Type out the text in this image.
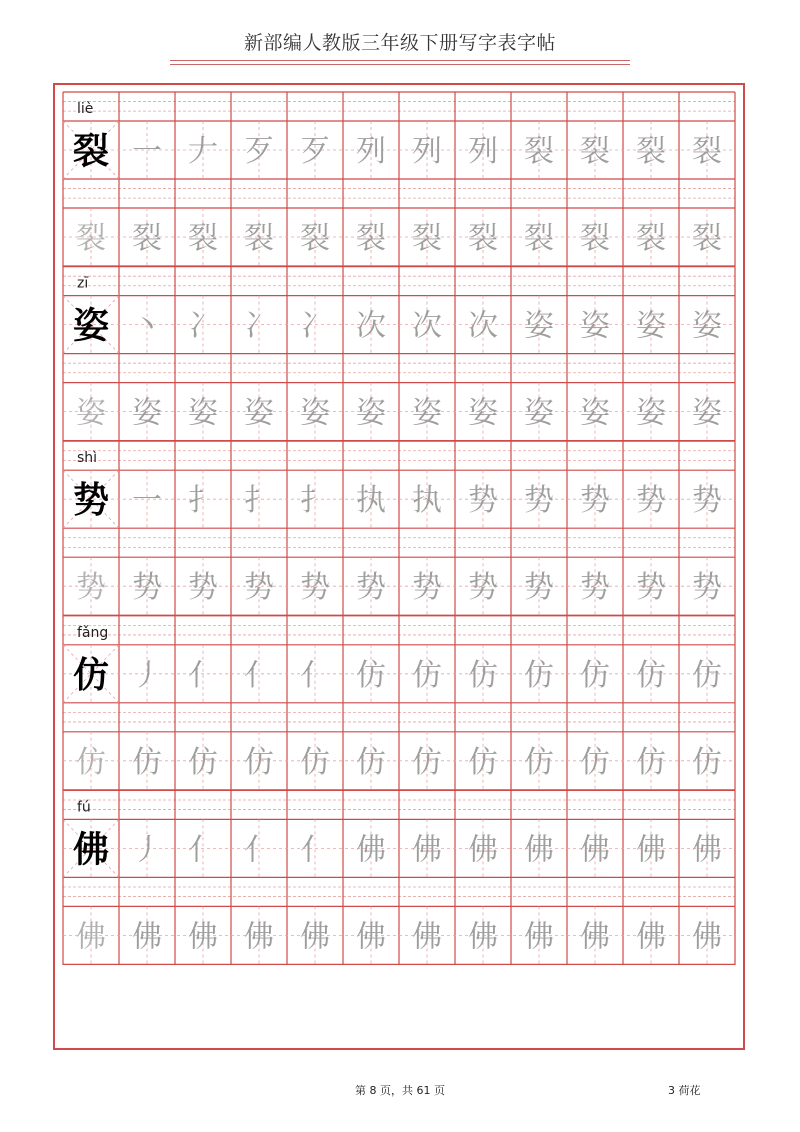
新部编人教版三年级下册写字表字帖
liè
裂 一 𠂇 歹 歹 列 列 列 裂 裂 裂 裂
裂 裂 裂 裂 裂 裂 裂 裂 裂 裂 裂 裂
zī
姿 丶 冫 冫 冫 次 次 次 姿 姿 姿 姿
姿 姿 姿 姿 姿 姿 姿 姿 姿 姿 姿 姿
shì
势 一 扌 扌 扌 执 执 势 势 势 势 势
势 势 势 势 势 势 势 势 势 势 势 势
fǎng
仿 丿 亻 亻 亻 仿 仿 仿 仿 仿 仿 仿
仿 仿 仿 仿 仿 仿 仿 仿 仿 仿 仿 仿
fú
佛 丿 亻 亻 亻 佛 佛 佛 佛 佛 佛 佛
佛 佛 佛 佛 佛 佛 佛 佛 佛 佛 佛 佛
第 8 页，共 61 页	3 荷花
